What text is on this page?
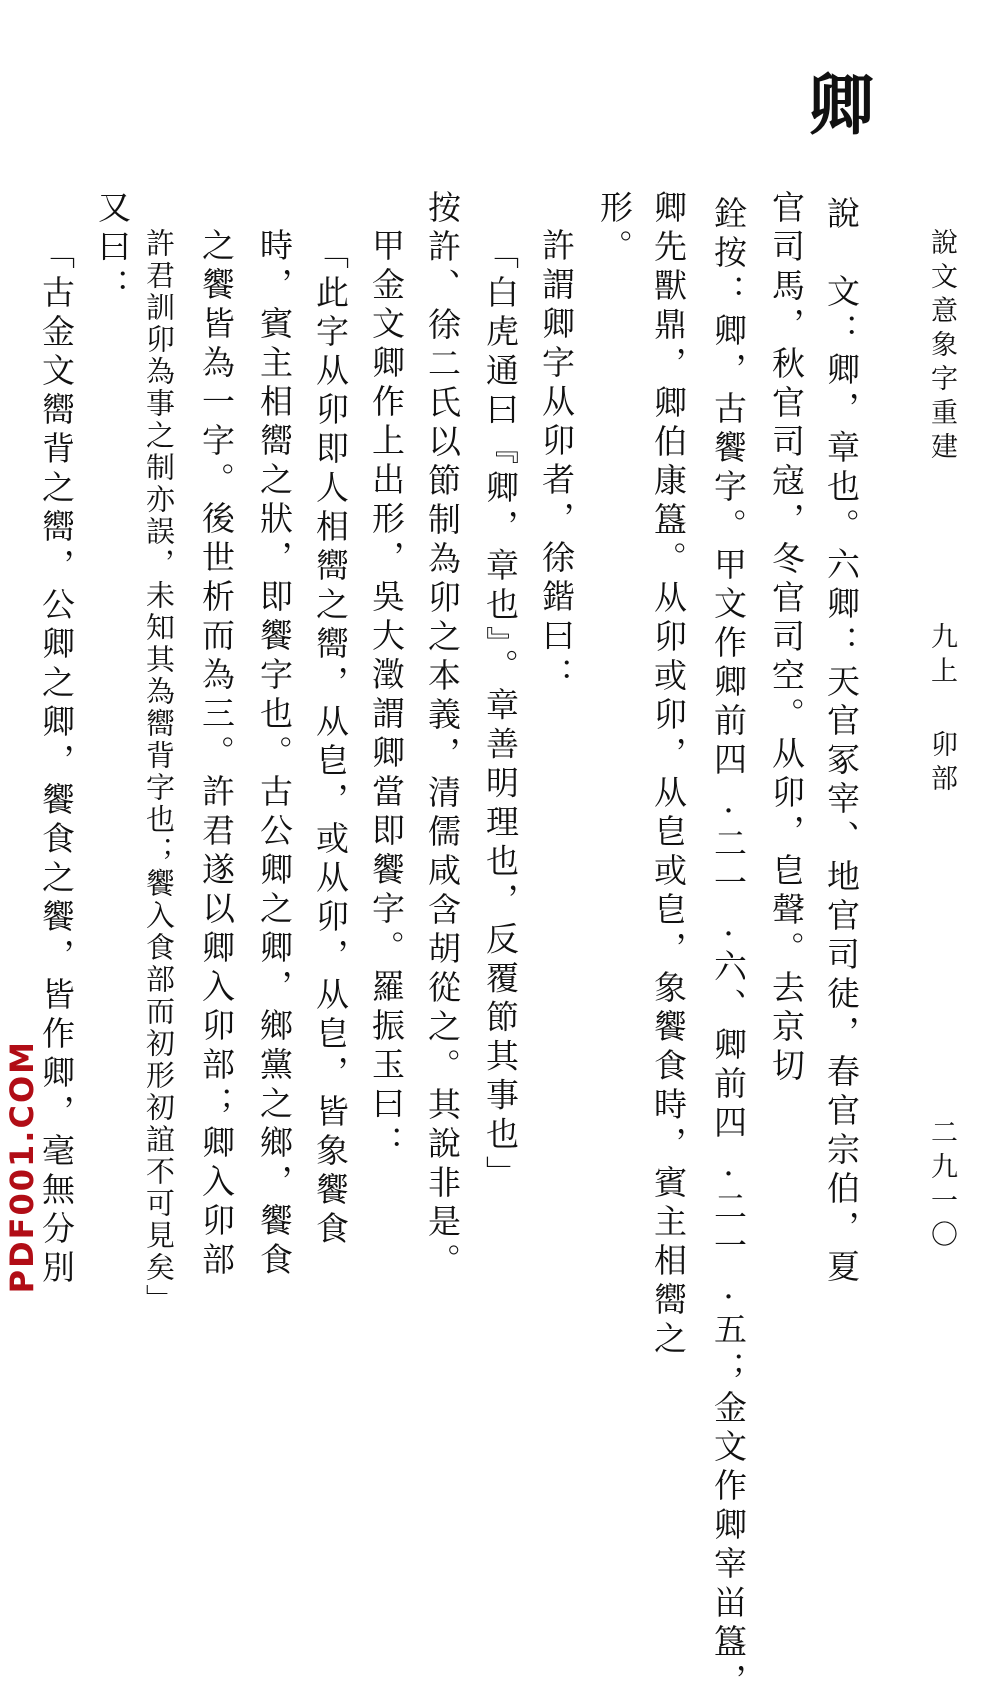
說文意象字重建
九上
卯部
二九一〇
卿
說　文：卿，章也。六卿：天官冢宰、地官司徒，春官宗伯，夏
官司馬，秋官司寇，冬官司空。从卯，皀聲。去京切
銓按：卿，古饗字。甲文作卿前四.二一.六、卿前四.二一.五；金文作卿宰畄簋，
卿先獸鼎，卿伯康簋。从卯或卯，从皀或皀，象饗食時，賓主相嚮之
形。
許謂卿字从卯者，徐鍇曰：
「白虎通曰『卿，章也』。章善明理也，反覆節其事也」
按許、徐二氏以節制為卯之本義，清儒咸含胡從之。其說非是。
甲金文卿作上出形，吳大澂謂卿當即饗字。羅振玉曰：
「此字从卯即人相嚮之嚮，从皀，或从卯，从皀，皆象饗食
時，賓主相嚮之狀，即饗字也。古公卿之卿，鄉黨之鄉，饗食
之饗皆為一字。後世析而為三。許君遂以卿入卯部；卿入卯部
許君訓卯為事之制亦誤，未知其為嚮背字也；饗入食部而初形初誼不可見矣」
又曰：
「古金文嚮背之嚮，公卿之卿，饗食之饗，皆作卿，毫無分別
PDF001.COM
